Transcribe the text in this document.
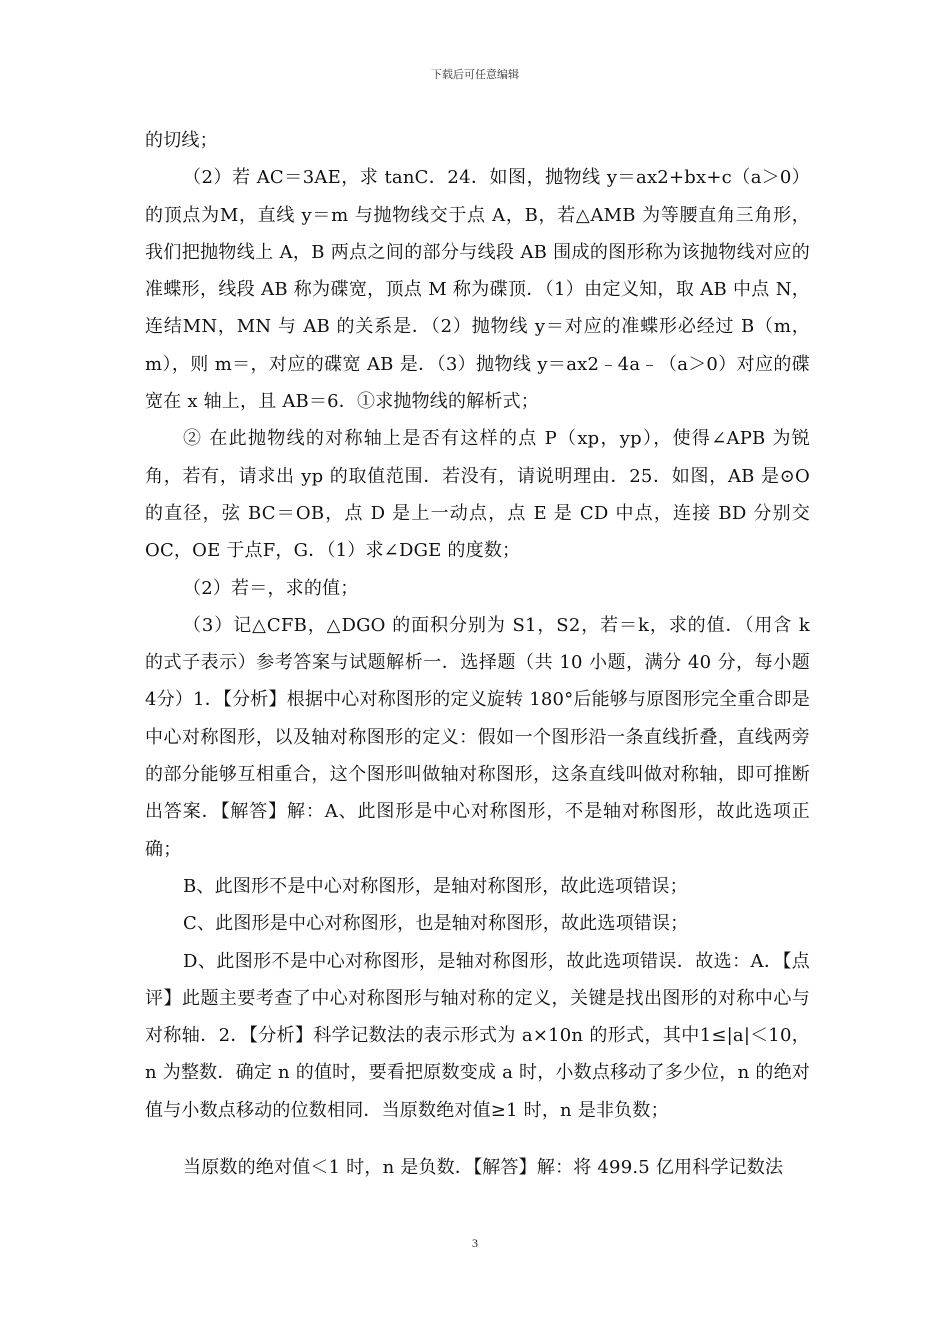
下载后可任意编辑

的切线；

（2）若 AC＝3AE，求 tanC．24．如图，抛物线 y＝ax2+bx+c（a＞0）的顶点为M，直线 y＝m 与抛物线交于点 A，B，若△AMB 为等腰直角三角形，我们把抛物线上 A，B 两点之间的部分与线段 AB 围成的图形称为该抛物线对应的准蝶形，线段 AB 称为碟宽，顶点 M 称为碟顶．（1）由定义知，取 AB 中点 N，连结MN，MN 与 AB 的关系是．（2）抛物线 y＝对应的准蝶形必经过 B（m，m），则 m＝，对应的碟宽 AB 是．（3）抛物线 y＝ax2﹣4a﹣（a＞0）对应的碟宽在 x 轴上，且 AB＝6．①求抛物线的解析式；

② 在此抛物线的对称轴上是否有这样的点 P（xp，yp），使得∠APB 为锐角，若有，请求出 yp 的取值范围．若没有，请说明理由．25．如图，AB 是⊙O 的直径，弦 BC＝OB，点 D 是上一动点，点 E 是 CD 中点，连接 BD 分别交 OC，OE 于点F，G．（1）求∠DGE 的度数；

（2）若＝，求的值；

（3）记△CFB，△DGO 的面积分别为 S1，S2，若＝k，求的值．（用含 k 的式子表示）参考答案与试题解析一．选择题（共 10 小题，满分 40 分，每小题 4分）1．【分析】根据中心对称图形的定义旋转 180°后能够与原图形完全重合即是中心对称图形，以及轴对称图形的定义：假如一个图形沿一条直线折叠，直线两旁的部分能够互相重合，这个图形叫做轴对称图形，这条直线叫做对称轴，即可推断出答案．【解答】解：A、此图形是中心对称图形，不是轴对称图形，故此选项正确；

B、此图形不是中心对称图形，是轴对称图形，故此选项错误；

C、此图形是中心对称图形，也是轴对称图形，故此选项错误；

D、此图形不是中心对称图形，是轴对称图形，故此选项错误．故选：A．【点评】此题主要考查了中心对称图形与轴对称的定义，关键是找出图形的对称中心与对称轴．2．【分析】科学记数法的表示形式为 a×10n 的形式，其中1≤|a|＜10，n 为整数．确定 n 的值时，要看把原数变成 a 时，小数点移动了多少位，n 的绝对值与小数点移动的位数相同．当原数绝对值≥1 时，n 是非负数；

当原数的绝对值＜1 时，n 是负数．【解答】解：将 499.5 亿用科学记数法

3
